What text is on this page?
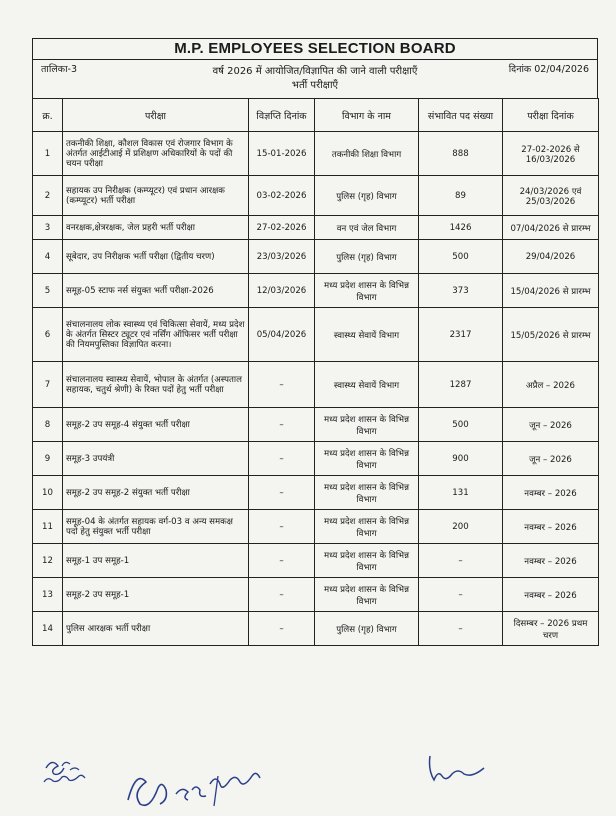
M.P. EMPLOYEES SELECTION BOARD
तालिका-3	दिनांक 02/04/2026
वर्ष 2026 में आयोजित/विज्ञापित की जाने वाली परीक्षाएँ
भर्ती परीक्षाएँ
क्र.	परीक्षा	विज्ञप्ति दिनांक	विभाग के नाम	संभावित पद संख्या	परीक्षा दिनांक
1	तकनीकी शिक्षा, कौशल विकास एवं रोजगार विभाग के अंतर्गत आईटीआई में प्रशिक्षण अधिकारियों के पदों की चयन परीक्षा	15-01-2026	तकनीकी शिक्षा विभाग	888	27-02-2026 से 16/03/2026
2	सहायक उप निरीक्षक (कम्प्यूटर) एवं प्रधान आरक्षक (कम्प्यूटर) भर्ती परीक्षा	03-02-2026	पुलिस (गृह) विभाग	89	24/03/2026 एवं 25/03/2026
3	वनरक्षक,क्षेत्ररक्षक, जेल प्रहरी भर्ती परीक्षा	27-02-2026	वन एवं जेल विभाग	1426	07/04/2026 से प्रारम्भ
4	सूबेदार, उप निरीक्षक भर्ती परीक्षा (द्वितीय चरण)	23/03/2026	पुलिस (गृह) विभाग	500	29/04/2026
5	समूह-05 स्टाफ नर्स संयुक्त भर्ती परीक्षा-2026	12/03/2026	मध्य प्रदेश शासन के विभिन्न विभाग	373	15/04/2026 से प्रारम्भ
6	संचालनालय लोक स्वास्थ्य एवं चिकित्सा सेवायें, मध्य प्रदेश के अंतर्गत सिस्टर ट्यूटर एवं नर्सिंग ऑफिसर भर्ती परीक्षा की नियमपुस्तिका विज्ञापित करना।	05/04/2026	स्वास्थ्य सेवायें विभाग	2317	15/05/2026 से प्रारम्भ
7	संचालनालय स्वास्थ्य सेवायें, भोपाल के अंतर्गत (अस्पताल सहायक, चतुर्थ श्रेणी) के रिक्त पदों हेतु भर्ती परीक्षा	–	स्वास्थ्य सेवायें विभाग	1287	अप्रैल – 2026
8	समूह-2 उप समूह-4 संयुक्त भर्ती परीक्षा	–	मध्य प्रदेश शासन के विभिन्न विभाग	500	जून – 2026
9	समूह-3 उपयंत्री	–	मध्य प्रदेश शासन के विभिन्न विभाग	900	जून – 2026
10	समूह-2 उप समूह-2 संयुक्त भर्ती परीक्षा	–	मध्य प्रदेश शासन के विभिन्न विभाग	131	नवम्बर – 2026
11	समूह-04 के अंतर्गत सहायक वर्ग-03 व अन्य समकक्ष पदो हेतु संयुक्त भर्ती परीक्षा	–	मध्य प्रदेश शासन के विभिन्न विभाग	200	नवम्बर – 2026
12	समूह-1 उप समूह-1	–	मध्य प्रदेश शासन के विभिन्न विभाग	–	नवम्बर – 2026
13	समूह-2 उप समूह-1	–	मध्य प्रदेश शासन के विभिन्न विभाग	–	नवम्बर – 2026
14	पुलिस आरक्षक भर्ती परीक्षा	–	पुलिस (गृह) विभाग	–	दिसम्बर – 2026 प्रथम चरण
